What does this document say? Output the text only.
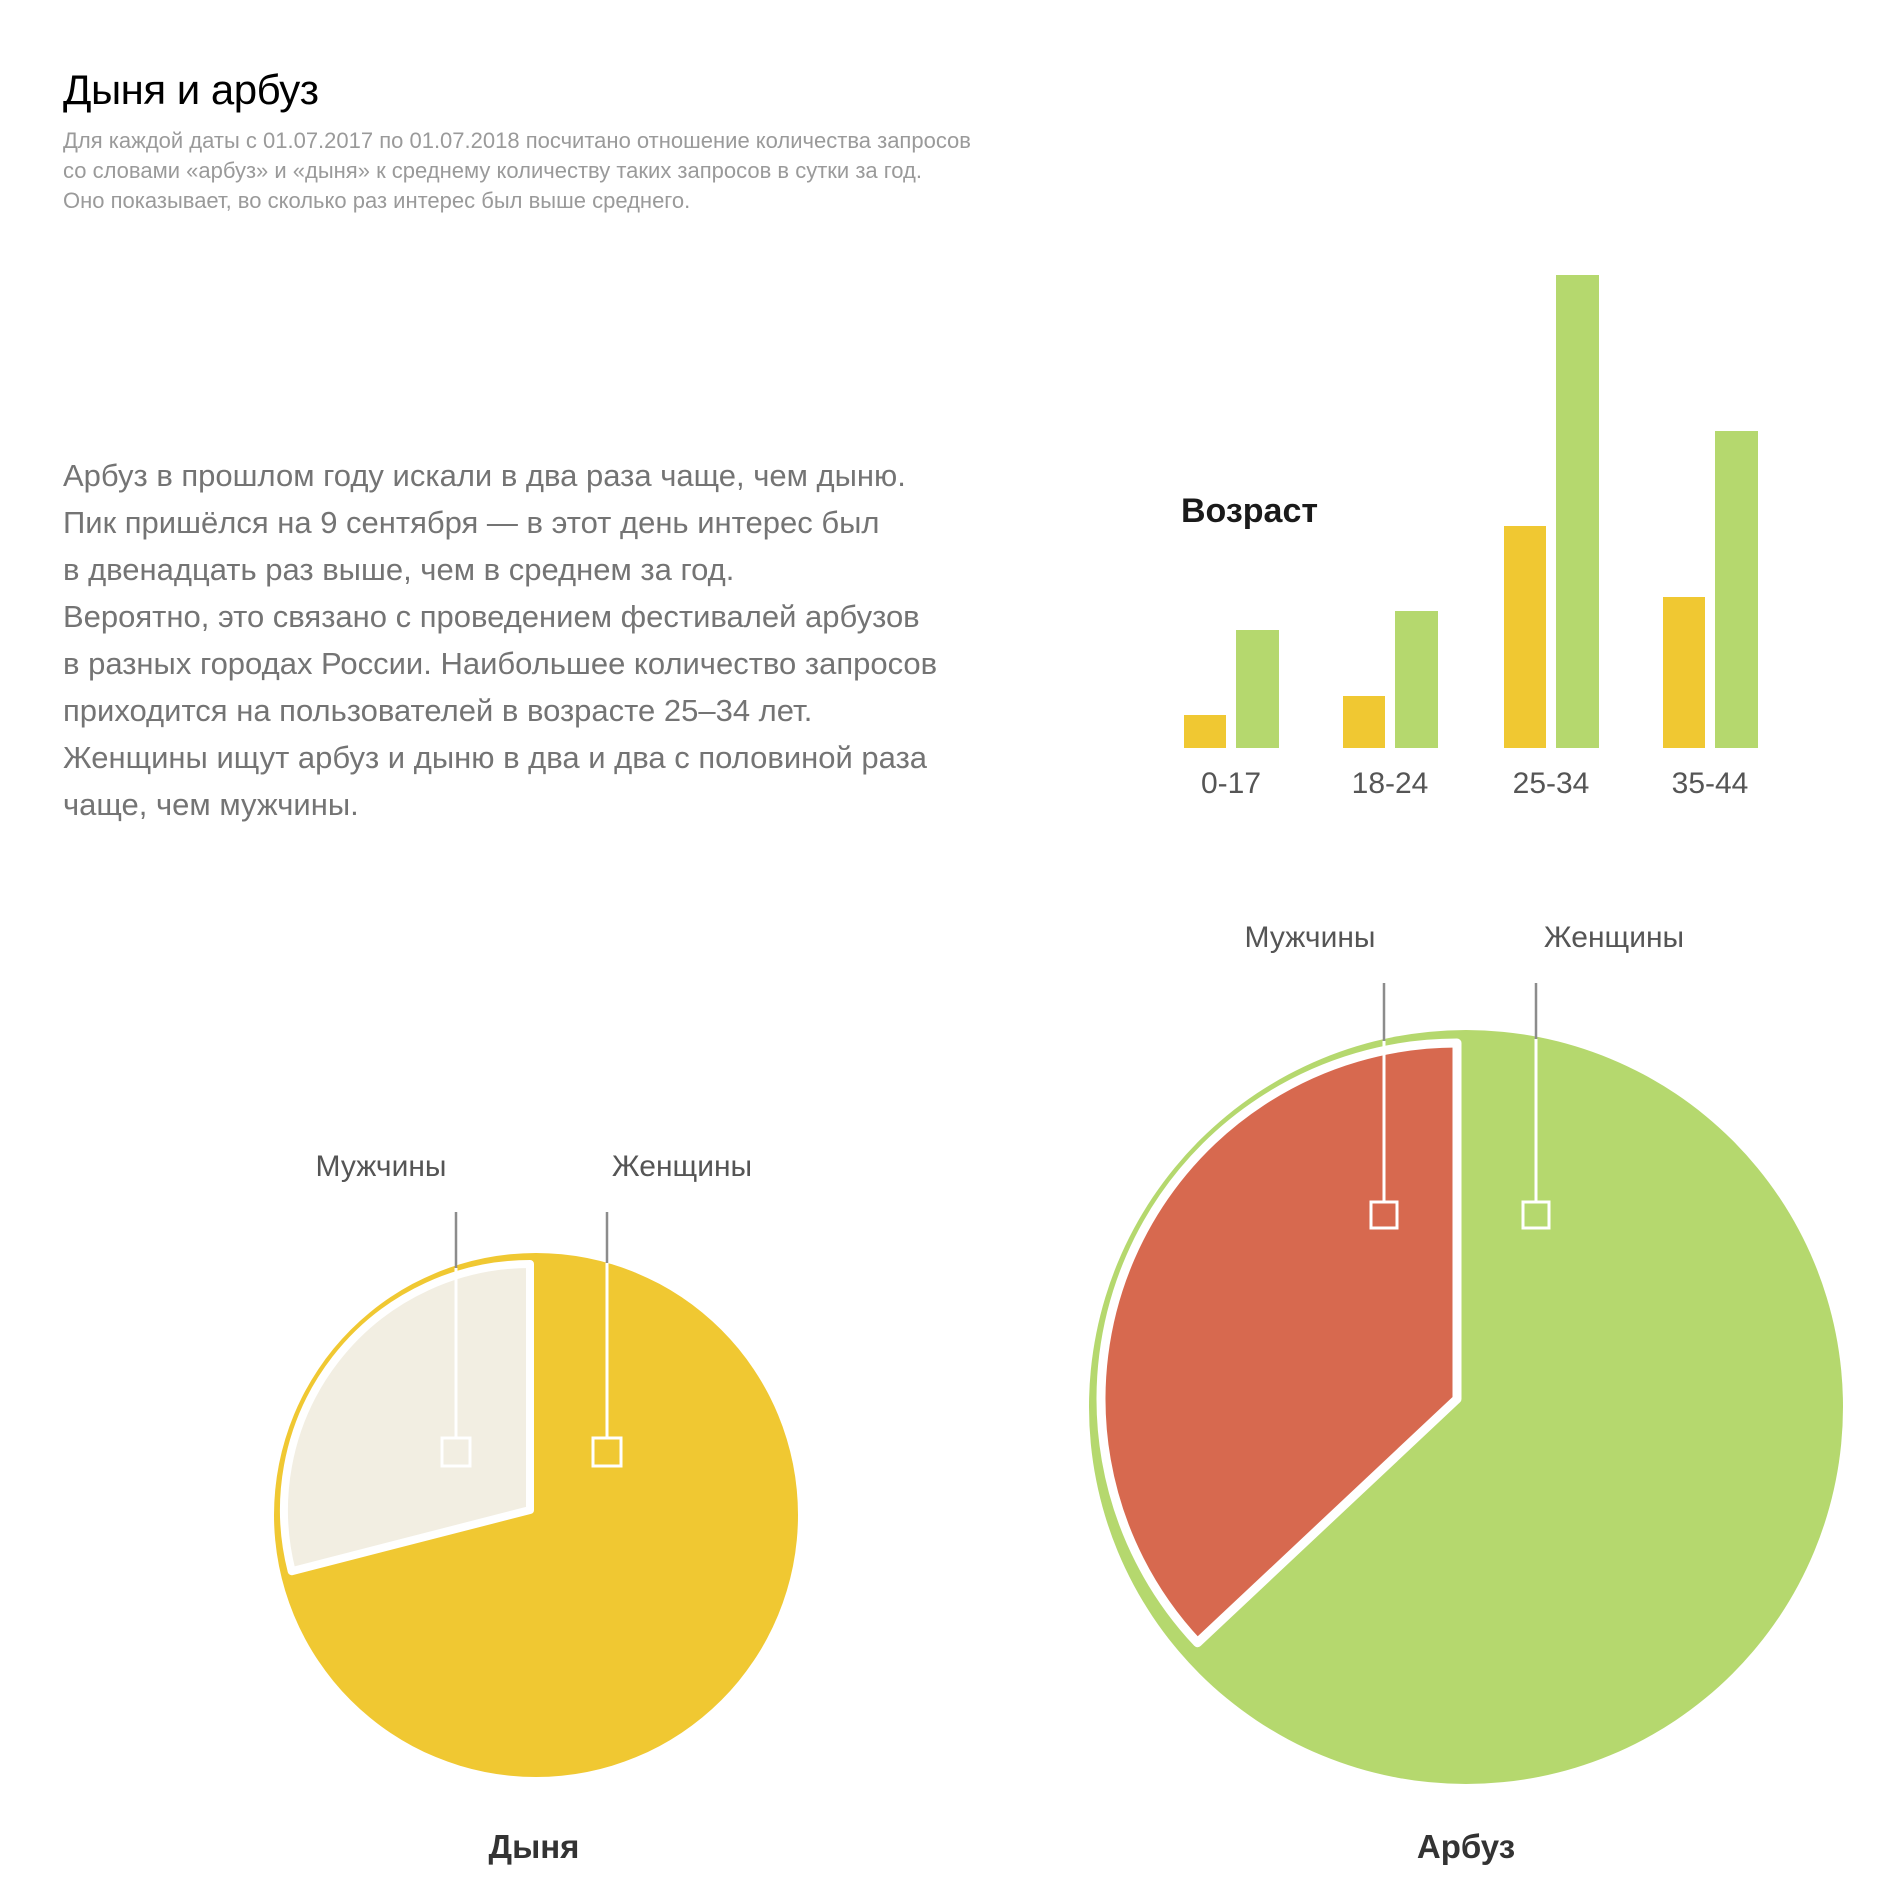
Дыня и арбуз
Для каждой даты с 01.07.2017 по 01.07.2018 посчитано отношение количества запросов
со словами «арбуз» и «дыня» к среднему количеству таких запросов в сутки за год.
Оно показывает, во сколько раз интерес был выше среднего.
Арбуз в прошлом году искали в два раза чаще, чем дыню.
Пик пришёлся на 9 сентября — в этот день интерес был
в двенадцать раз выше, чем в среднем за год.
Вероятно, это связано с проведением фестивалей арбузов
в разных городах России. Наибольшее количество запросов
приходится на пользователей в возрасте 25–34 лет.
Женщины ищут арбуз и дыню в два и два с половиной раза
чаще, чем мужчины.
Возраст
0-17	18-24	25-34	35-44
Мужчины	Женщины
Мужчины	Женщины
Дыня	Арбуз
